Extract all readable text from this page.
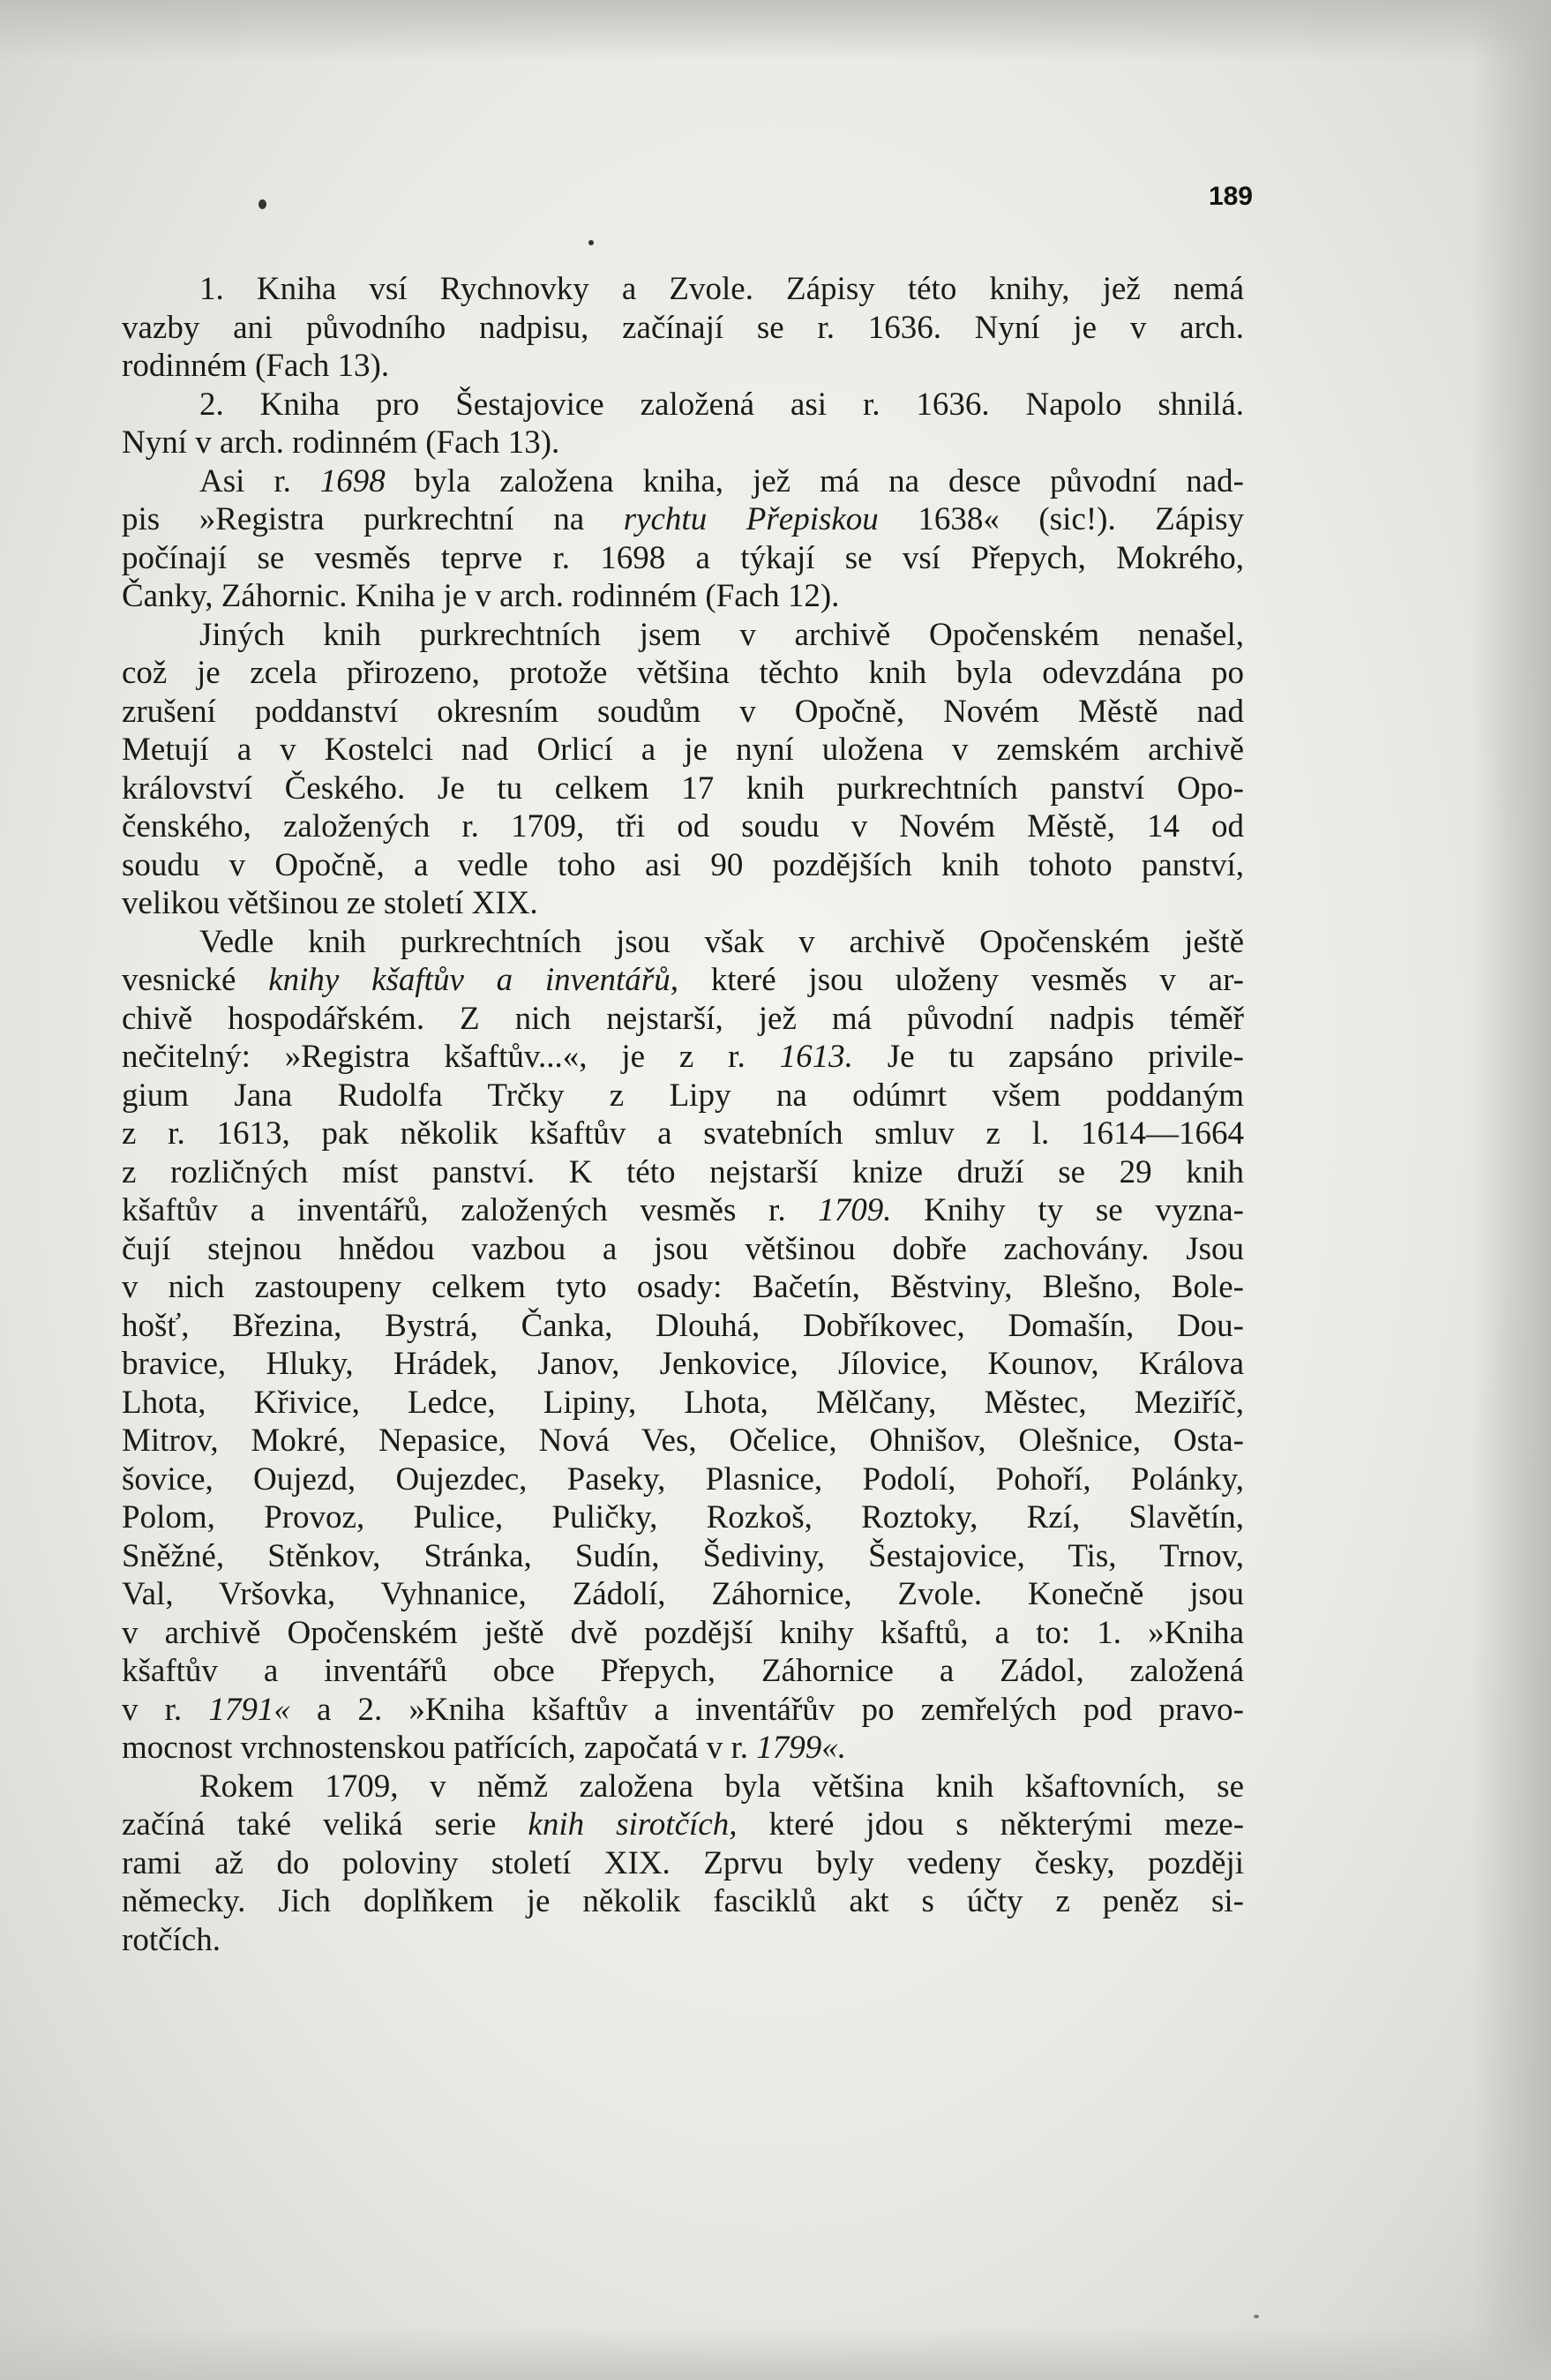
189
1. Kniha vsí Rychnovky a Zvole. Zápisy této knihy, jež nemá
vazby ani původního nadpisu, začínají se r. 1636. Nyní je v arch.
rodinném (Fach 13).
2. Kniha pro Šestajovice založená asi r. 1636. Napolo shnilá.
Nyní v arch. rodinném (Fach 13).
Asi r. 1698 byla založena kniha, jež má na desce původní nad-
pis »Registra purkrechtní na rychtu Přepiskou 1638« (sic!). Zápisy
počínají se vesměs teprve r. 1698 a týkají se vsí Přepych, Mokrého,
Čanky, Záhornic. Kniha je v arch. rodinném (Fach 12).
Jiných knih purkrechtních jsem v archivě Opočenském nenašel,
což je zcela přirozeno, protože většina těchto knih byla odevzdána po
zrušení poddanství okresním soudům v Opočně, Novém Městě nad
Metují a v Kostelci nad Orlicí a je nyní uložena v zemském archivě
království Českého. Je tu celkem 17 knih purkrechtních panství Opo-
čenského, založených r. 1709, tři od soudu v Novém Městě, 14 od
soudu v Opočně, a vedle toho asi 90 pozdějších knih tohoto panství,
velikou většinou ze století XIX.
Vedle knih purkrechtních jsou však v archivě Opočenském ještě
vesnické knihy kšaftův a inventářů, které jsou uloženy vesměs v ar-
chivě hospodářském. Z nich nejstarší, jež má původní nadpis téměř
nečitelný: »Registra kšaftův...«, je z r. 1613. Je tu zapsáno privile-
gium Jana Rudolfa Trčky z Lipy na odúmrt všem poddaným
z r. 1613, pak několik kšaftův a svatebních smluv z l. 1614—1664
z rozličných míst panství. K této nejstarší knize druží se 29 knih
kšaftův a inventářů, založených vesměs r. 1709. Knihy ty se vyzna-
čují stejnou hnědou vazbou a jsou většinou dobře zachovány. Jsou
v nich zastoupeny celkem tyto osady: Bačetín, Běstviny, Blešno, Bole-
hošť, Březina, Bystrá, Čanka, Dlouhá, Dobříkovec, Domašín, Dou-
bravice, Hluky, Hrádek, Janov, Jenkovice, Jílovice, Kounov, Králova
Lhota, Křivice, Ledce, Lipiny, Lhota, Mělčany, Městec, Meziříč,
Mitrov, Mokré, Nepasice, Nová Ves, Očelice, Ohnišov, Olešnice, Osta-
šovice, Oujezd, Oujezdec, Paseky, Plasnice, Podolí, Pohoří, Polánky,
Polom, Provoz, Pulice, Puličky, Rozkoš, Roztoky, Rzí, Slavětín,
Sněžné, Stěnkov, Stránka, Sudín, Šediviny, Šestajovice, Tis, Trnov,
Val, Vršovka, Vyhnanice, Zádolí, Záhornice, Zvole. Konečně jsou
v archivě Opočenském ještě dvě pozdější knihy kšaftů, a to: 1. »Kniha
kšaftův a inventářů obce Přepych, Záhornice a Zádol, založená
v r. 1791« a 2. »Kniha kšaftův a inventářův po zemřelých pod pravo-
mocnost vrchnostenskou patřících, započatá v r. 1799«.
Rokem 1709, v němž založena byla většina knih kšaftovních, se
začíná také veliká serie knih sirotčích, které jdou s některými meze-
rami až do poloviny století XIX. Zprvu byly vedeny česky, později
německy. Jich doplňkem je několik fasciklů akt s účty z peněz si-
rotčích.
